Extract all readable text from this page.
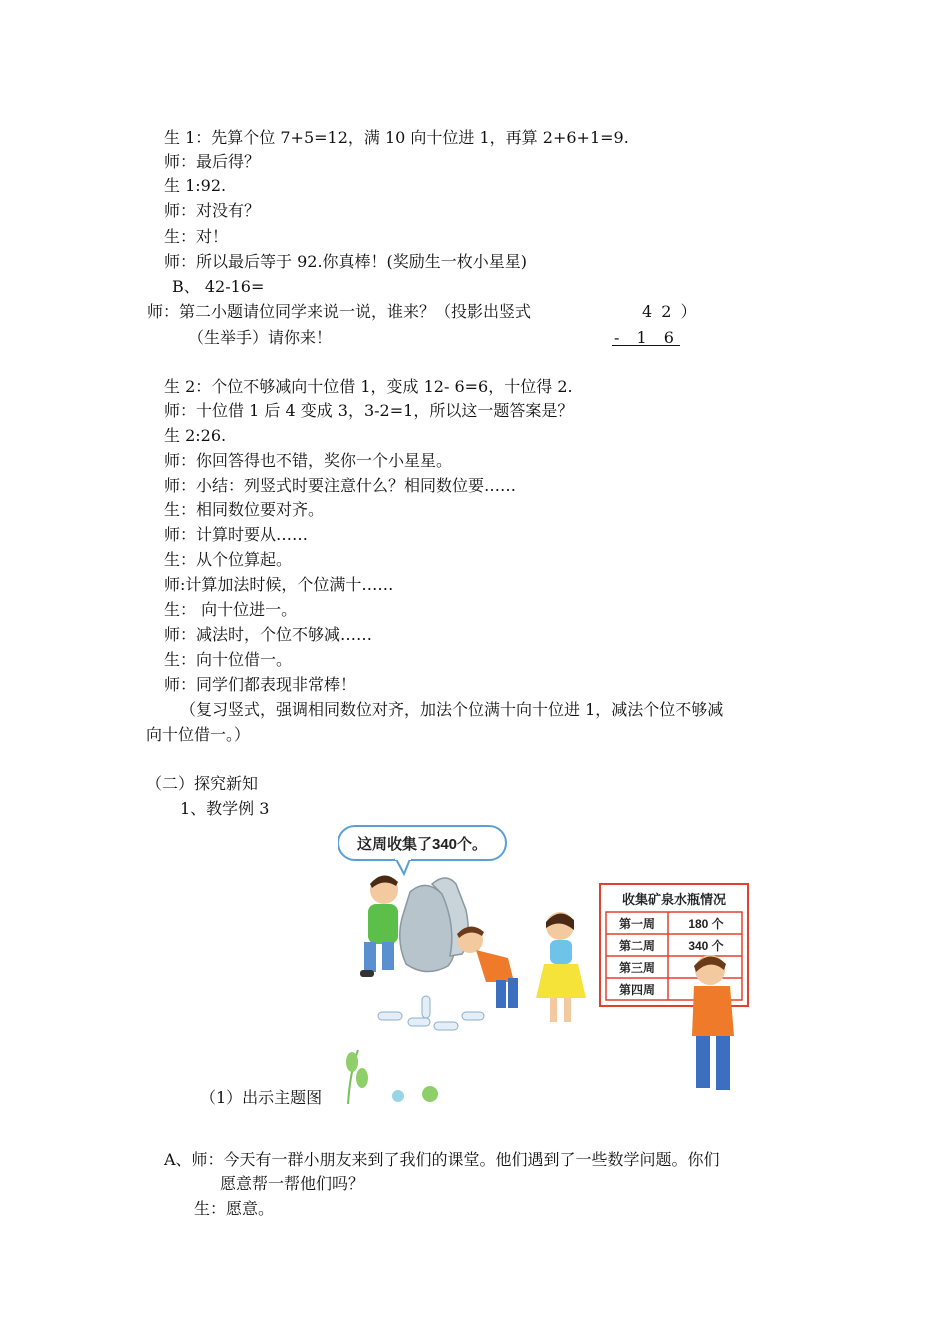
生 1：先算个位 7+5=12，满 10 向十位进 1，再算 2+6+1=9.
师：最后得？
生 1:92.
师：对没有？
生：对！
师：所以最后等于 92.你真棒！(奖励生一枚小星星)
B、 42-16=
师：第二小题请位同学来说一说，谁来？（投影出竖式	4 2 ）
（生举手）请你来！	- 1 6
生 2：个位不够减向十位借 1，变成 12- 6=6，十位得 2.
师：十位借 1 后 4 变成 3，3-2=1，所以这一题答案是？
生 2:26.
师：你回答得也不错，奖你一个小星星。
师：小结：列竖式时要注意什么？相同数位要……
生：相同数位要对齐。
师：计算时要从……
生：从个位算起。
师:计算加法时候，个位满十……
生： 向十位进一。
师：减法时，个位不够减……
生：向十位借一。
师：同学们都表现非常棒！
（复习竖式，强调相同数位对齐，加法个位满十向十位进 1，减法个位不够减
向十位借一。）
（二）探究新知
1、教学例 3
这周收集了340个。
收集矿泉水瓶情况
第一周
第二周
第三周
第四周
180 个
340 个
（1）出示主题图
A、师：今天有一群小朋友来到了我们的课堂。他们遇到了一些数学问题。你们
愿意帮一帮他们吗？
生：愿意。
